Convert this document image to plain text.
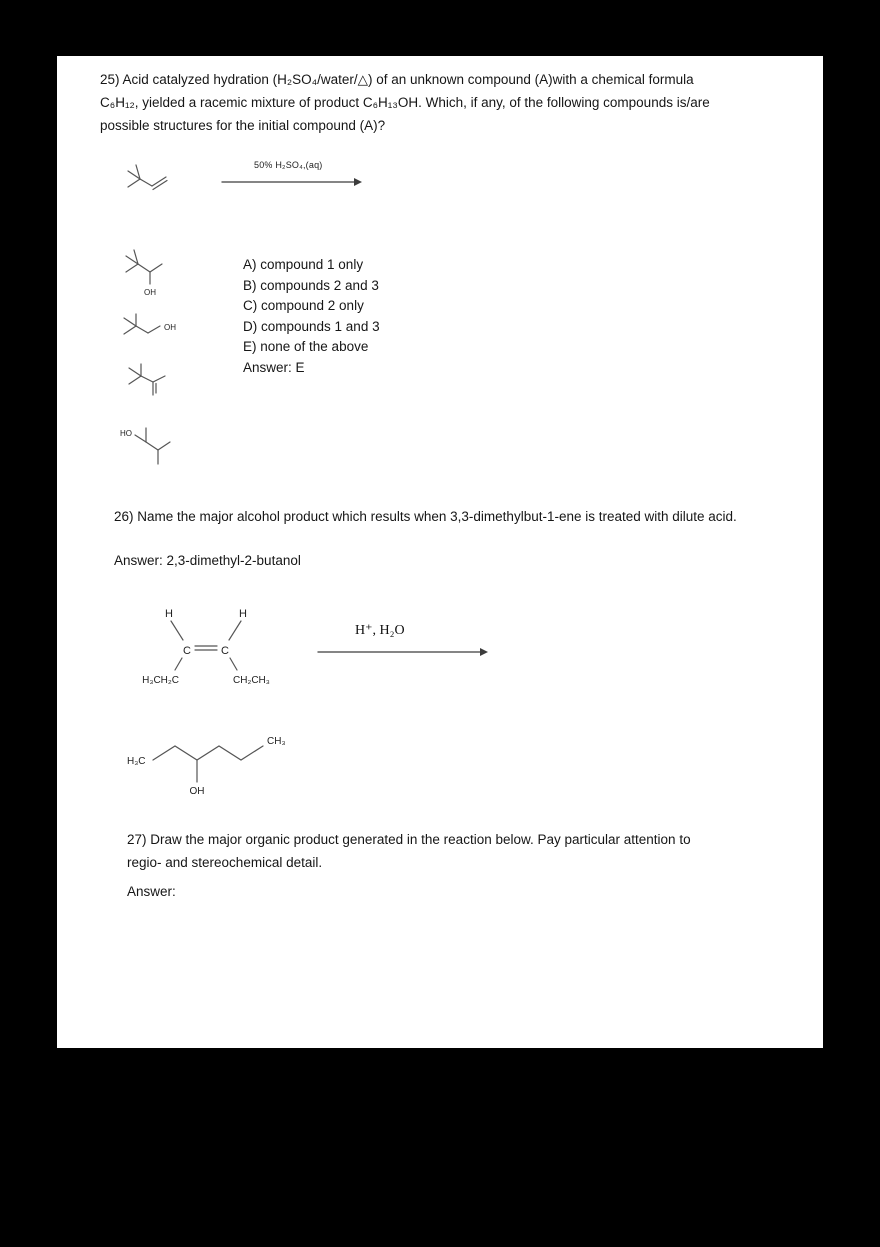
25) Acid catalyzed hydration (H₂SO₄/water/△) of an unknown compound (A)with a chemical formula C₆H₁₂, yielded a racemic mixture of product C₆H₁₃OH. Which, if any, of the following compounds is/are possible structures for the initial compound (A)?

50% H₂SO₄,(aq)
OH
A) compound 1 only
B) compounds 2 and 3
C) compound 2 only
D) compounds 1 and 3
E) none of the above
Answer: E
OH
HO

26) Name the major alcohol product which results when 3,3-dimethylbut-1-ene is treated with dilute acid.

Answer: 2,3-dimethyl-2-butanol

H
C	C
H
H₃CH₂C	CH₂CH₃
H⁺, H₂O
H₃C
OH
CH₃

27) Draw the major organic product generated in the reaction below. Pay particular attention to regio- and stereochemical detail.

Answer:
